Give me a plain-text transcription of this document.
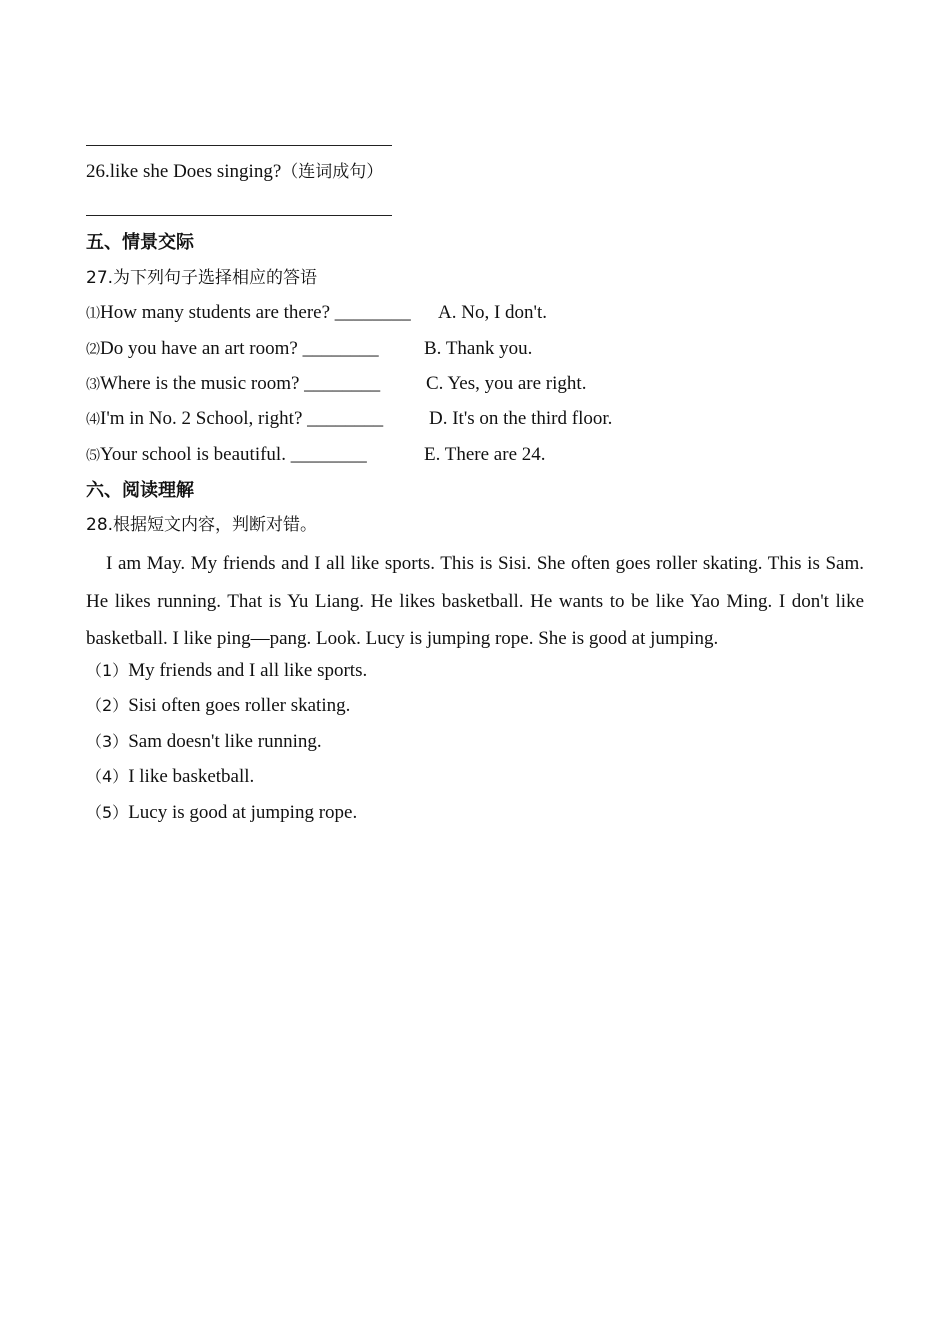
26.like she Does singing?（连词成句）
五、情景交际
27.为下列句子选择相应的答语
⑴How many students are there? ________ A. No, I don't.
⑵Do you have an art room? ________ B. Thank you.
⑶Where is the music room? ________ C. Yes, you are right.
⑷I'm in No. 2 School, right? ________ D. It's on the third floor.
⑸Your school is beautiful. ________	E. There are 24.
六、阅读理解
28.根据短文内容，判断对错。
I am May. My friends and I all like sports. This is Sisi. She often goes roller skating. This is Sam. He likes running. That is Yu Liang. He likes basketball. He wants to be like Yao Ming. I don't like basketball. I like ping—pang. Look. Lucy is jumping rope. She is good at jumping.
（1）My friends and I all like sports.
（2）Sisi often goes roller skating.
（3）Sam doesn't like running.
（4）I like basketball.
（5）Lucy is good at jumping rope.
